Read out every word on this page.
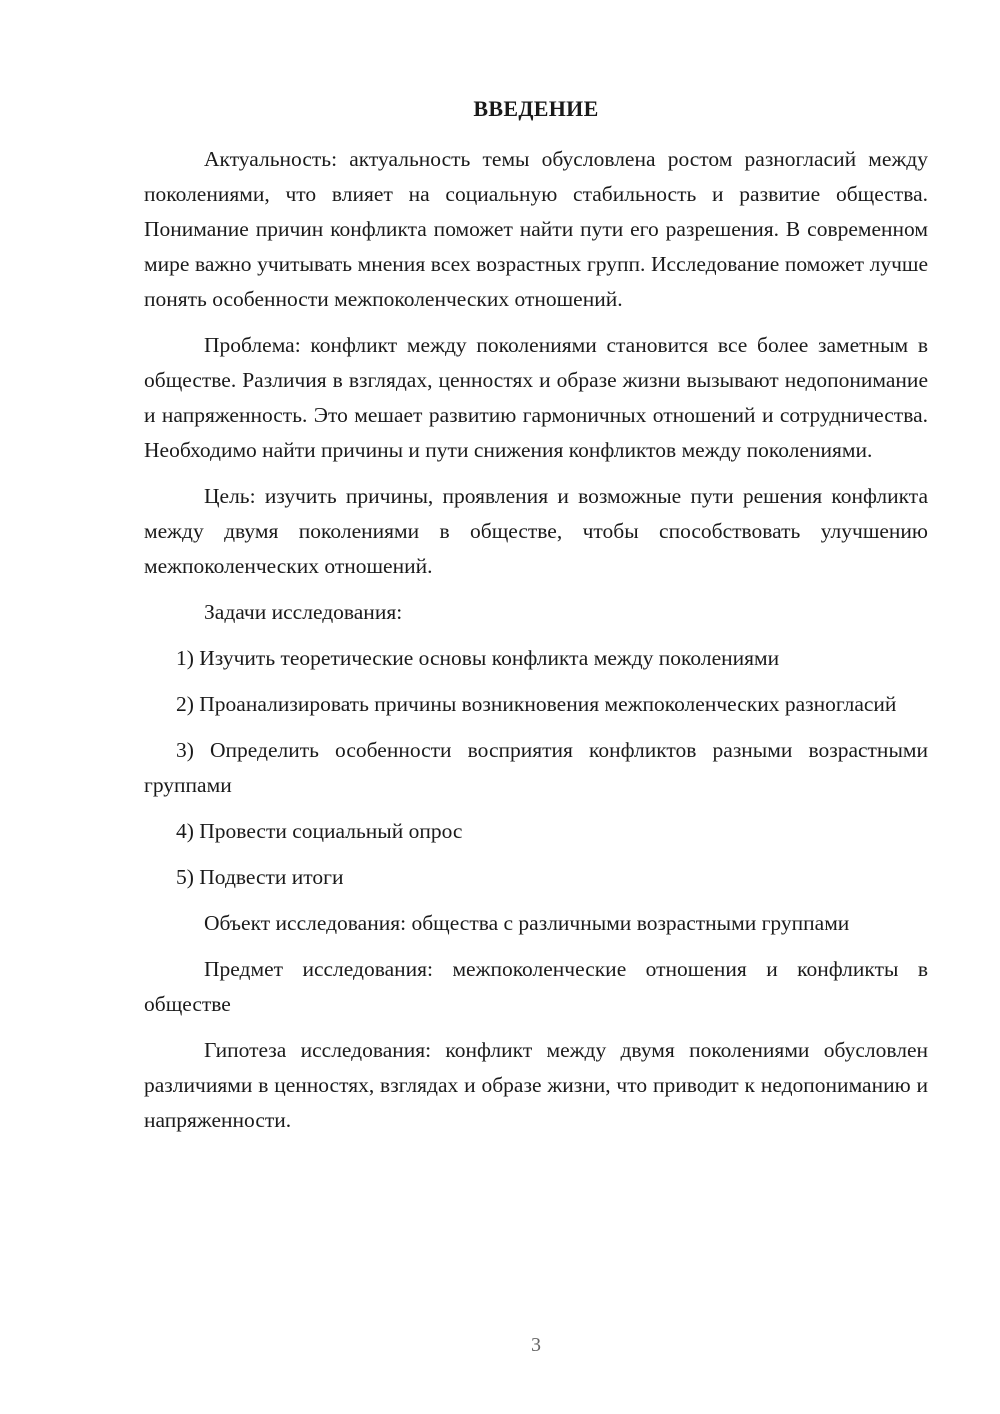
ВВЕДЕНИЕ

Актуальность: актуальность темы обусловлена ростом разногласий между поколениями, что влияет на социальную стабильность и развитие общества. Понимание причин конфликта поможет найти пути его разрешения. В современном мире важно учитывать мнения всех возрастных групп. Исследование поможет лучше понять особенности межпоколенческих отношений.

Проблема: конфликт между поколениями становится все более заметным в обществе. Различия в взглядах, ценностях и образе жизни вызывают недопонимание и напряженность. Это мешает развитию гармоничных отношений и сотрудничества. Необходимо найти причины и пути снижения конфликтов между поколениями.

Цель: изучить причины, проявления и возможные пути решения конфликта между двумя поколениями в обществе, чтобы способствовать улучшению межпоколенческих отношений.

Задачи исследования:

1) Изучить теоретические основы конфликта между поколениями

2) Проанализировать причины возникновения межпоколенческих разногласий

3) Определить особенности восприятия конфликтов разными возрастными группами

4) Провести социальный опрос

5) Подвести итоги

Объект исследования: общества с различными возрастными группами

Предмет исследования: межпоколенческие отношения и конфликты в обществе

Гипотеза исследования: конфликт между двумя поколениями обусловлен различиями в ценностях, взглядах и образе жизни, что приводит к недопониманию и напряженности.

3
